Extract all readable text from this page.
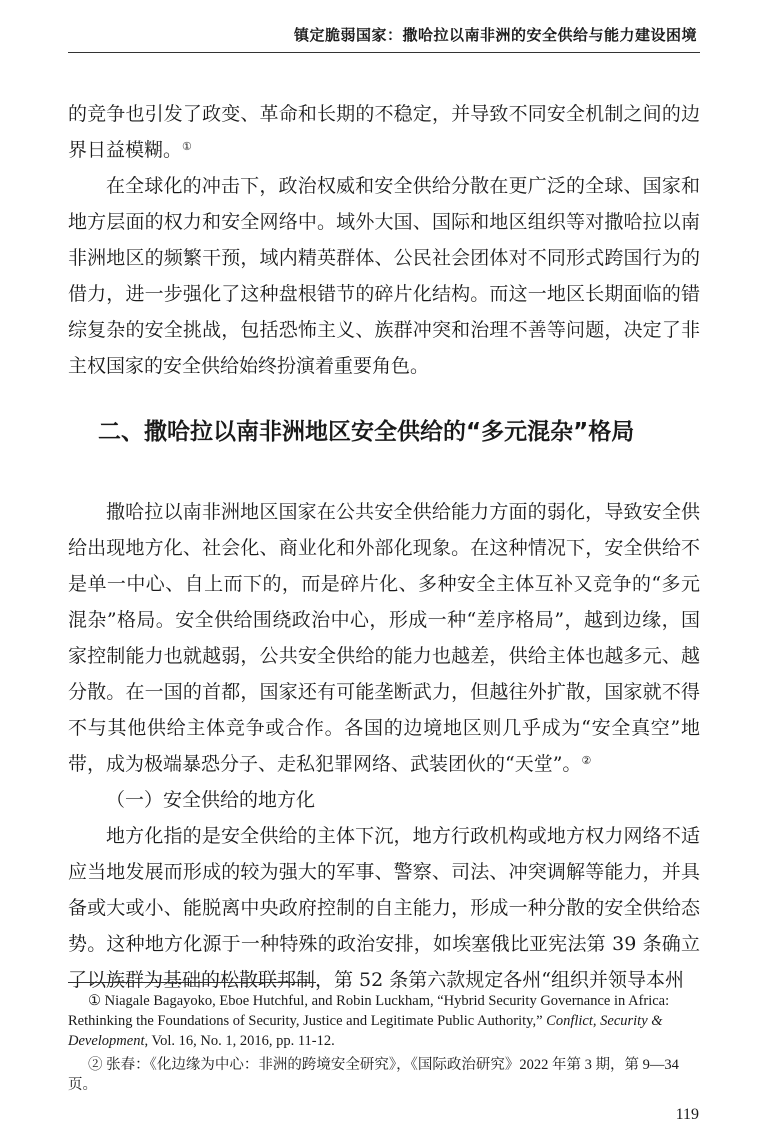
镇定脆弱国家：撒哈拉以南非洲的安全供给与能力建设困境

的竞争也引发了政变、革命和长期的不稳定，并导致不同安全机制之间的边界日益模糊。①

在全球化的冲击下，政治权威和安全供给分散在更广泛的全球、国家和地方层面的权力和安全网络中。域外大国、国际和地区组织等对撒哈拉以南非洲地区的频繁干预，域内精英群体、公民社会团体对不同形式跨国行为的借力，进一步强化了这种盘根错节的碎片化结构。而这一地区长期面临的错综复杂的安全挑战，包括恐怖主义、族群冲突和治理不善等问题，决定了非主权国家的安全供给始终扮演着重要角色。

二、撒哈拉以南非洲地区安全供给的“多元混杂”格局

撒哈拉以南非洲地区国家在公共安全供给能力方面的弱化，导致安全供给出现地方化、社会化、商业化和外部化现象。在这种情况下，安全供给不是单一中心、自上而下的，而是碎片化、多种安全主体互补又竞争的“多元混杂”格局。安全供给围绕政治中心，形成一种“差序格局”，越到边缘，国家控制能力也就越弱，公共安全供给的能力也越差，供给主体也越多元、越分散。在一国的首都，国家还有可能垄断武力，但越往外扩散，国家就不得不与其他供给主体竞争或合作。各国的边境地区则几乎成为“安全真空”地带，成为极端暴恐分子、走私犯罪网络、武装团伙的“天堂”。②

（一）安全供给的地方化

地方化指的是安全供给的主体下沉，地方行政机构或地方权力网络不适应当地发展而形成的较为强大的军事、警察、司法、冲突调解等能力，并具备或大或小、能脱离中央政府控制的自主能力，形成一种分散的安全供给态势。这种地方化源于一种特殊的政治安排，如埃塞俄比亚宪法第 39 条确立了以族群为基础的松散联邦制，第 52 条第六款规定各州“组织并领导本州

① Niagale Bagayoko, Eboe Hutchful, and Robin Luckham, “Hybrid Security Governance in Africa: Rethinking the Foundations of Security, Justice and Legitimate Public Authority,” Conflict, Security & Development, Vol. 16, No. 1, 2016, pp. 11-12.

② 张春：《化边缘为中心：非洲的跨境安全研究》，《国际政治研究》2022 年第 3 期，第 9—34 页。

119
